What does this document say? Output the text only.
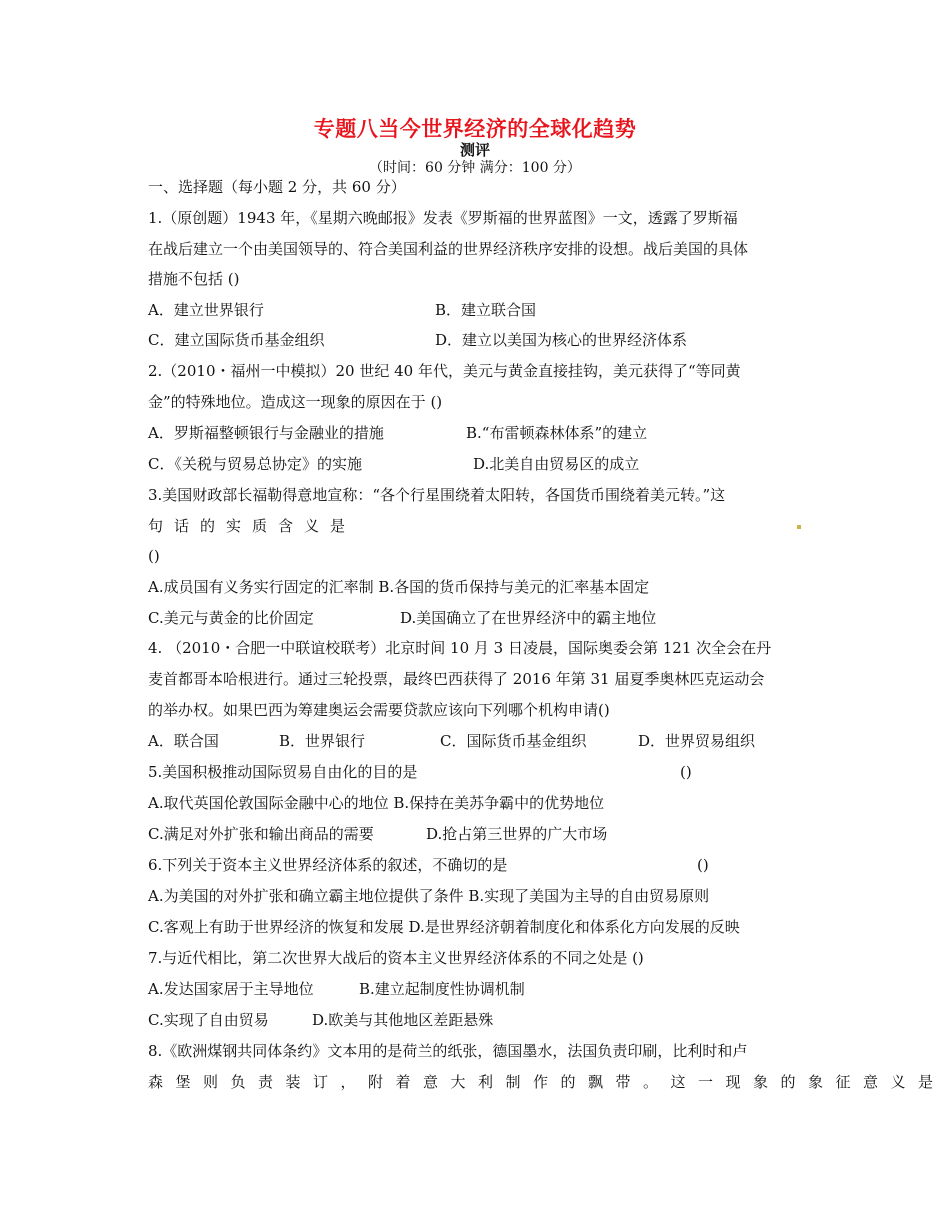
专题八当今世界经济的全球化趋势
测评
（时间：60 分钟 满分：100 分）
一、选择题（每小题 2 分，共 60 分）
1.（原创题）1943 年，《星期六晚邮报》发表《罗斯福的世界蓝图》一文，透露了罗斯福
在战后建立一个由美国领导的、符合美国利益的世界经济秩序安排的设想。战后美国的具体
措施不包括 ()
A．建立世界银行	B．建立联合国
C．建立国际货币基金组织	D．建立以美国为核心的世界经济体系
2.（2010・福州一中模拟）20 世纪 40 年代，美元与黄金直接挂钩，美元获得了“等同黄
金”的特殊地位。造成这一现象的原因在于 ()
A．罗斯福整顿银行与金融业的措施	B.“布雷顿森林体系”的建立
C．《关税与贸易总协定》的实施	D.北美自由贸易区的成立
3.美国财政部长福勒得意地宣称：“各个行星围绕着太阳转，各国货币围绕着美元转。”这
句话的实质含义是
()
A.成员国有义务实行固定的汇率制 B.各国的货币保持与美元的汇率基本固定
C.美元与黄金的比价固定	D.美国确立了在世界经济中的霸主地位
4. （2010・合肥一中联谊校联考）北京时间 10 月 3 日凌晨，国际奥委会第 121 次全会在丹
麦首都哥本哈根进行。通过三轮投票，最终巴西获得了 2016 年第 31 届夏季奥林匹克运动会
的举办权。如果巴西为筹建奥运会需要贷款应该向下列哪个机构申请()
A．联合国	B．世界银行	C．国际货币基金组织	D．世界贸易组织
5.美国积极推动国际贸易自由化的目的是	()
A.取代英国伦敦国际金融中心的地位 B.保持在美苏争霸中的优势地位
C.满足对外扩张和输出商品的需要	D.抢占第三世界的广大市场
6.下列关于资本主义世界经济体系的叙述，不确切的是	()
A.为美国的对外扩张和确立霸主地位提供了条件 B.实现了美国为主导的自由贸易原则
C.客观上有助于世界经济的恢复和发展 D.是世界经济朝着制度化和体系化方向发展的反映
7.与近代相比，第二次世界大战后的资本主义世界经济体系的不同之处是 ()
A.发达国家居于主导地位	B.建立起制度性协调机制
C.实现了自由贸易	D.欧美与其他地区差距悬殊
8.《欧洲煤钢共同体条约》文本用的是荷兰的纸张，德国墨水，法国负责印刷，比利时和卢
森堡则负责装订，附着意大利制作的飘带。这一现象的象征意义是
